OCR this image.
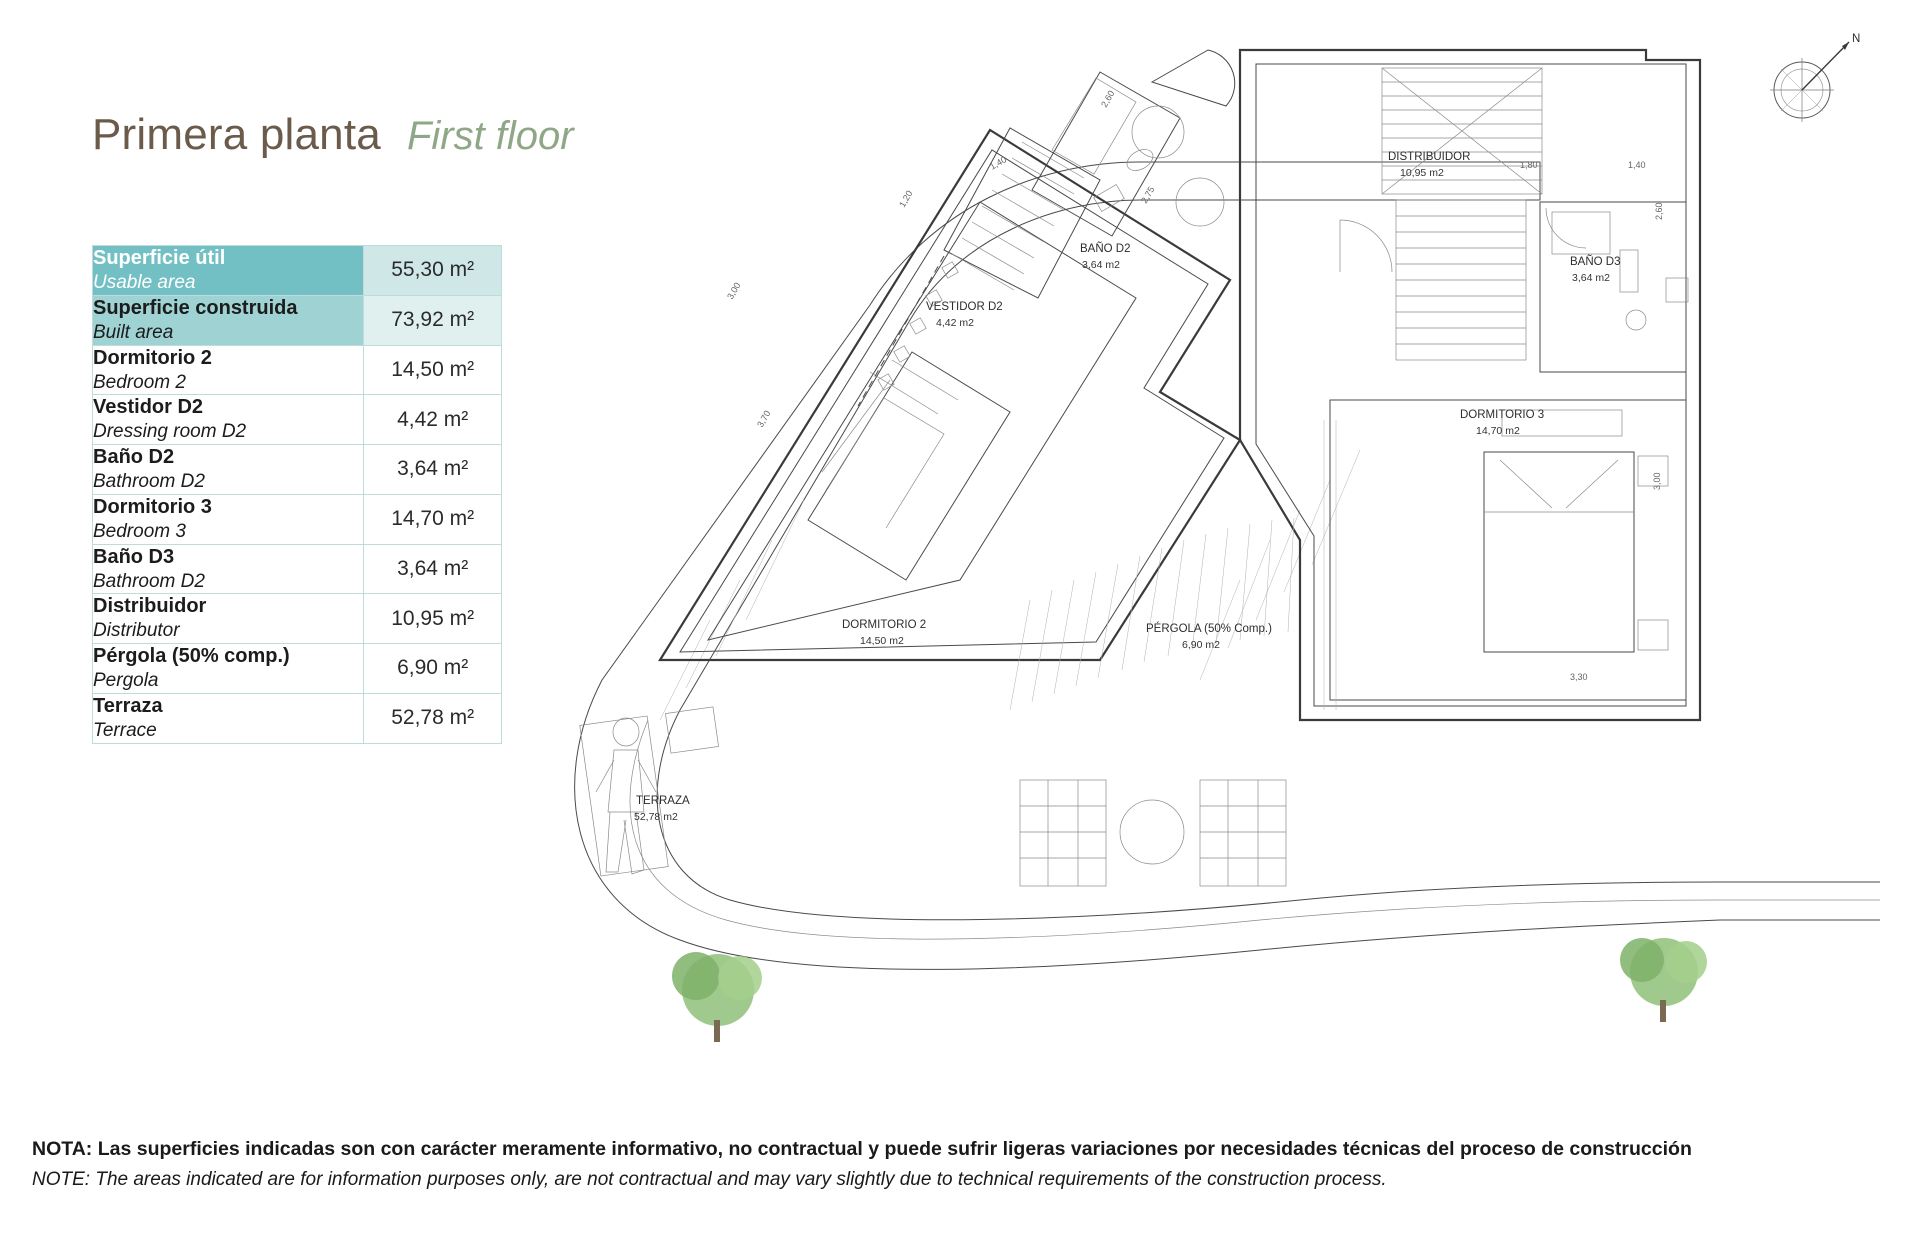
Primera planta First floor
N
Superficie útil
Usable area	55,30 m²

Superficie construida
Built area	73,92 m²

Dormitorio 2
Bedroom 2	14,50 m²

Vestidor D2
Dressing room D2	4,42 m²

Baño D2
Bathroom D2	3,64 m²

Dormitorio 3
Bedroom 3	14,70 m²

Baño D3
Bathroom D2	3,64 m²

Distribuidor
Distributor	10,95 m²

Pérgola (50% comp.)
Pergola	6,90 m²

Terraza
Terrace	52,78 m²
DISTRIBUIDOR
10,95 m2
BAÑO D2
3,64 m2
VESTIDOR D2
4,42 m2
BAÑO D3
3,64 m2
DORMITORIO 2
14,50 m2
DORMITORIO 3
14,70 m2
PÉRGOLA (50% Comp.)
6,90 m2
TERRAZA
52,78 m2
2,60
1,40	1,80	1,40
2,75
2,60
1,20
3,00
3,70
3,00
3,30
NOTA: Las superficies indicadas son con carácter meramente informativo, no contractual y puede sufrir ligeras variaciones por necesidades técnicas del proceso de construcción
NOTE: The areas indicated are for information purposes only, are not contractual and may vary slightly due to technical requirements of the construction process.
